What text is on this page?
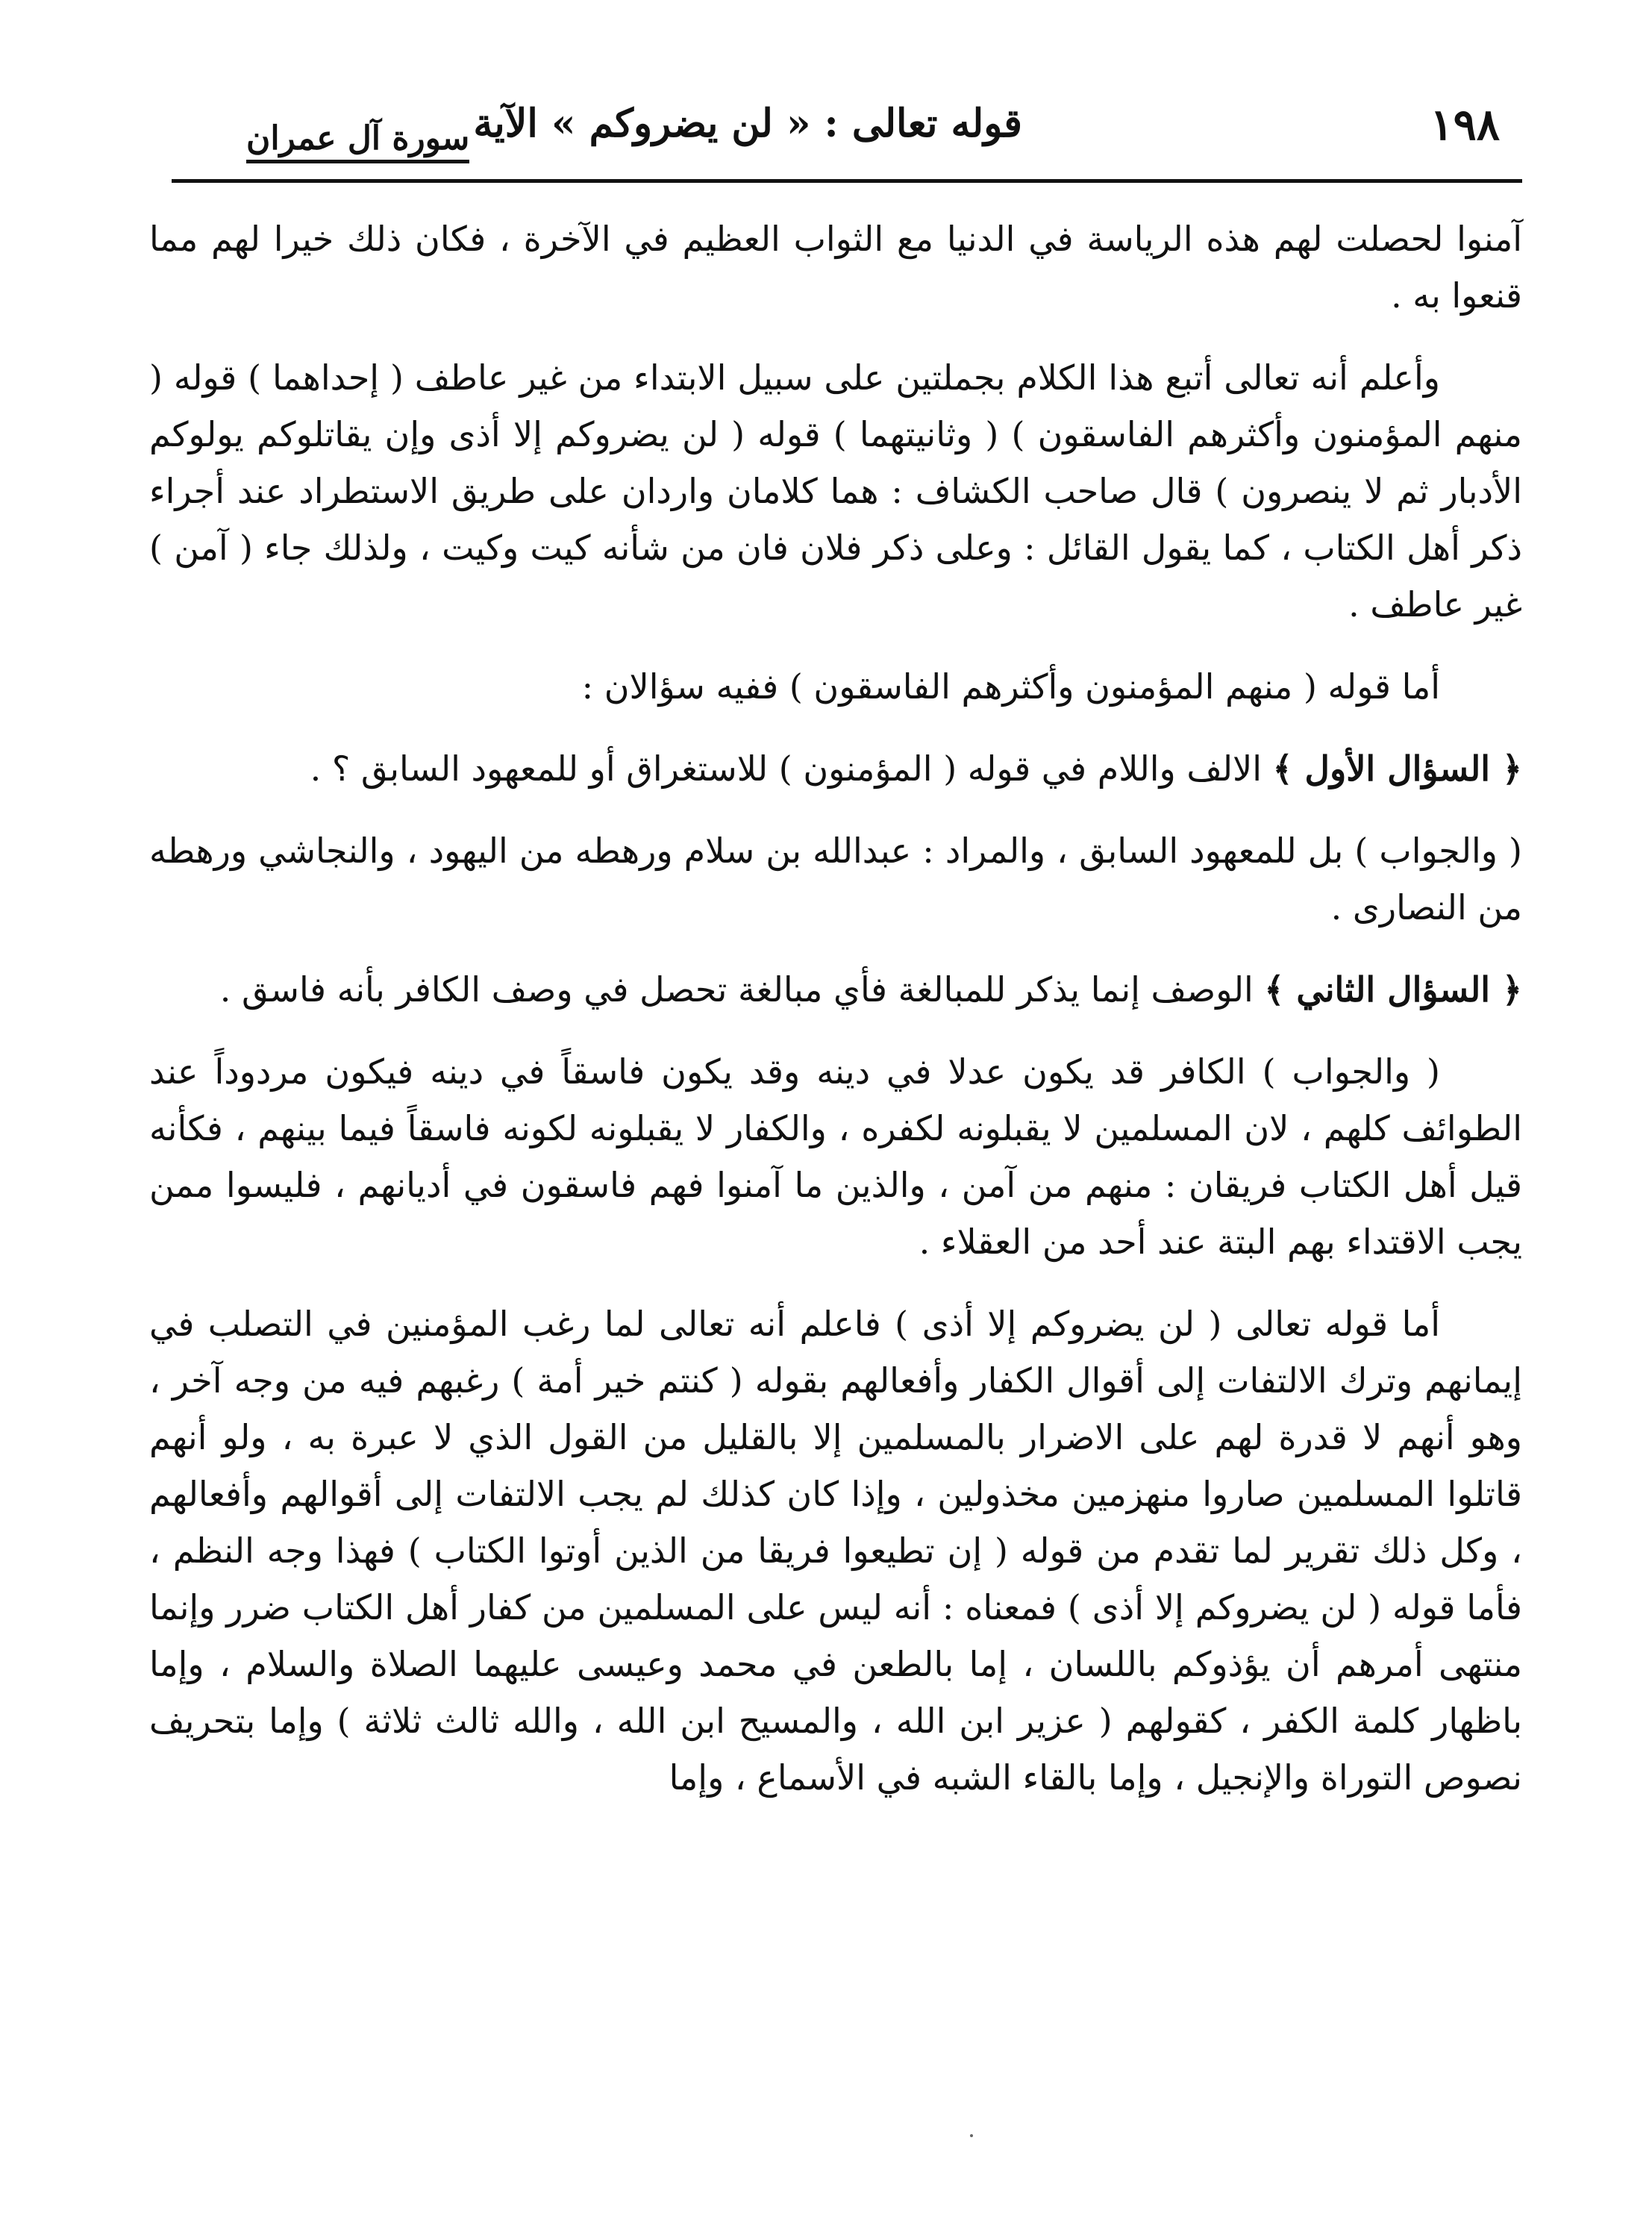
١٩٨
قوله تعالى : « لن يضروكم » الآية
سورة آل عمران

آمنوا لحصلت لهم هذه الرياسة في الدنيا مع الثواب العظيم في الآخرة ، فكان ذلك خيرا لهم مما قنعوا به .

وأعلم أنه تعالى أتبع هذا الكلام بجملتين على سبيل الابتداء من غير عاطف ( إحداهما ) قوله ( منهم المؤمنون وأكثرهم الفاسقون ) ( وثانيتهما ) قوله ( لن يضروكم إلا أذى وإن يقاتلوكم يولوكم الأدبار ثم لا ينصرون ) قال صاحب الكشاف : هما كلامان واردان على طريق الاستطراد عند أجراء ذكر أهل الكتاب ، كما يقول القائل : وعلى ذكر فلان فان من شأنه كيت وكيت ، ولذلك جاء ( آمن ) غير عاطف .

أما قوله ( منهم المؤمنون وأكثرهم الفاسقون ) ففيه سؤالان :

﴿ السؤال الأول ﴾ الالف واللام في قوله ( المؤمنون ) للاستغراق أو للمعهود السابق ؟ .

( والجواب ) بل للمعهود السابق ، والمراد : عبدالله بن سلام ورهطه من اليهود ، والنجاشي ورهطه من النصارى .

﴿ السؤال الثاني ﴾ الوصف إنما يذكر للمبالغة فأي مبالغة تحصل في وصف الكافر بأنه فاسق .

( والجواب ) الكافر قد يكون عدلا في دينه وقد يكون فاسقاً في دينه فيكون مردوداً عند الطوائف كلهم ، لان المسلمين لا يقبلونه لكفره ، والكفار لا يقبلونه لكونه فاسقاً فيما بينهم ، فكأنه قيل أهل الكتاب فريقان : منهم من آمن ، والذين ما آمنوا فهم فاسقون في أديانهم ، فليسوا ممن يجب الاقتداء بهم البتة عند أحد من العقلاء .

أما قوله تعالى ( لن يضروكم إلا أذى ) فاعلم أنه تعالى لما رغب المؤمنين في التصلب في إيمانهم وترك الالتفات إلى أقوال الكفار وأفعالهم بقوله ( كنتم خير أمة ) رغبهم فيه من وجه آخر ، وهو أنهم لا قدرة لهم على الاضرار بالمسلمين إلا بالقليل من القول الذي لا عبرة به ، ولو أنهم قاتلوا المسلمين صاروا منهزمين مخذولين ، وإذا كان كذلك لم يجب الالتفات إلى أقوالهم وأفعالهم ، وكل ذلك تقرير لما تقدم من قوله ( إن تطيعوا فريقا من الذين أوتوا الكتاب ) فهذا وجه النظم ، فأما قوله ( لن يضروكم إلا أذى ) فمعناه : أنه ليس على المسلمين من كفار أهل الكتاب ضرر وإنما منتهى أمرهم أن يؤذوكم باللسان ، إما بالطعن في محمد وعيسى عليهما الصلاة والسلام ، وإما باظهار كلمة الكفر ، كقولهم ( عزير ابن الله ، والمسيح ابن الله ، والله ثالث ثلاثة ) وإما بتحريف نصوص التوراة والإنجيل ، وإما بالقاء الشبه في الأسماع ، وإما
